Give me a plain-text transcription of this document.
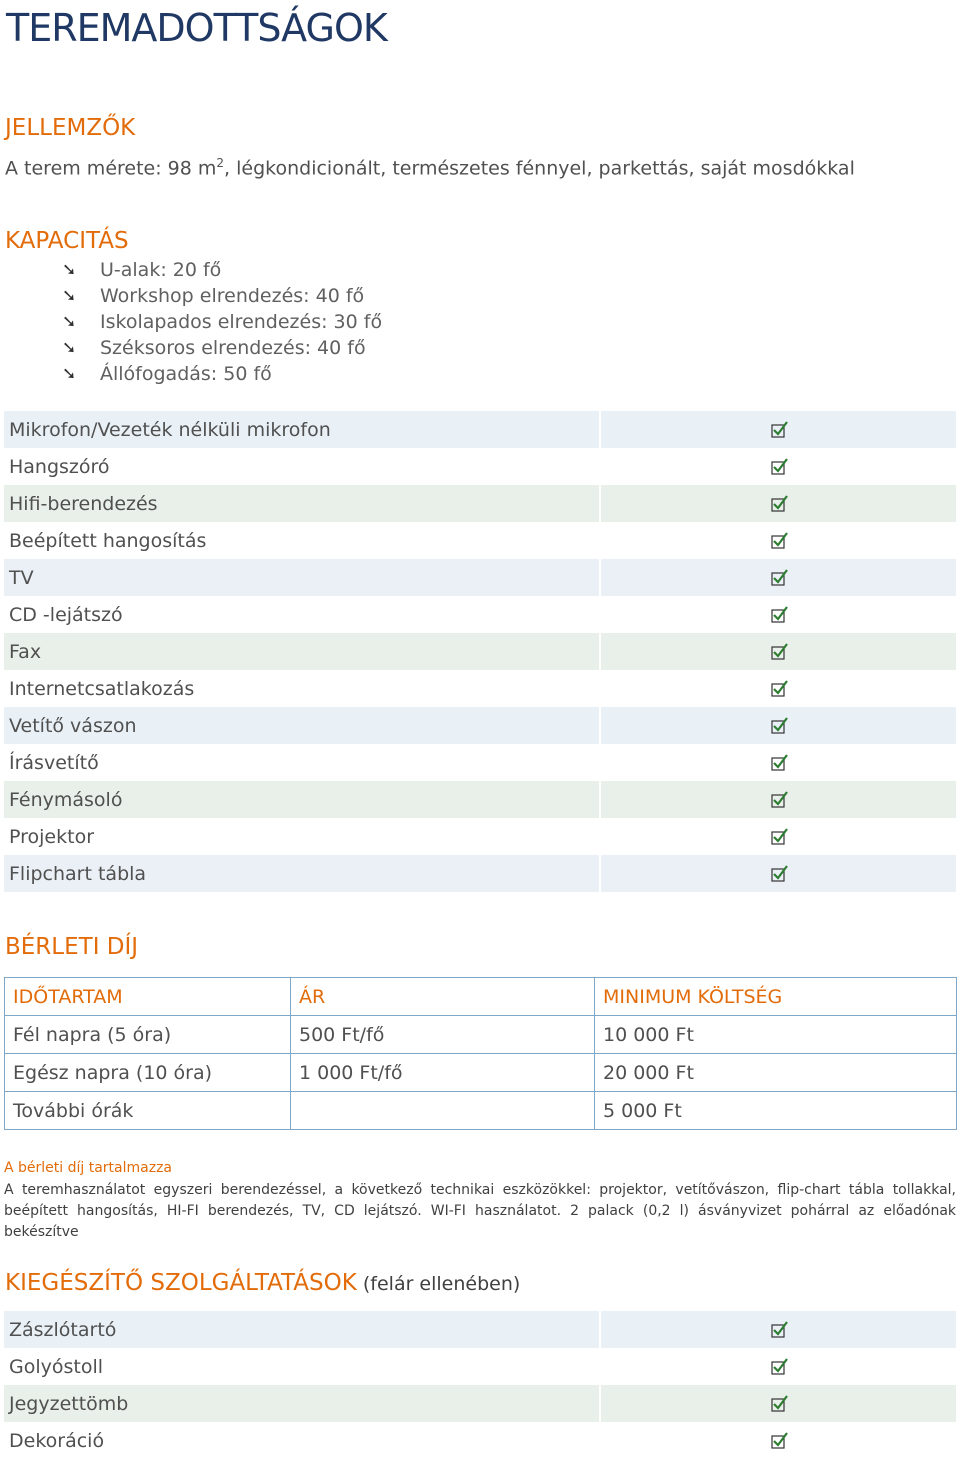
TEREMADOTTSÁGOK
JELLEMZŐK
A terem mérete: 98 $m^2$, légkondicionált, természetes fénnyel, parkettás, saját mosdókkal
KAPACITÁS
➘	U-alak: 20 fő
➘	Workshop elrendezés: 40 fő
➘	Iskolapados elrendezés: 30 fő
➘	Széksoros elrendezés: 40 fő
➘	Állófogadás: 50 fő
Mikrofon/Vezeték nélküli mikrofon	
Hangszóró	
Hifi-berendezés	
Beépített hangosítás	
TV	
CD -lejátszó	
Fax	
Internetcsatlakozás	
Vetítő vászon	
Írásvetítő	
Fénymásoló	
Projektor	
Flipchart tábla	
BÉRLETI DÍJ
IDŐTARTAM	ÁR	MINIMUM KÖLTSÉG
Fél napra (5 óra)	500 Ft/fő	10 000 Ft
Egész napra (10 óra)	1 000 Ft/fő	20 000 Ft
További órák		5 000 Ft
A bérleti díj tartalmazza
A teremhasználatot egyszeri berendezéssel, a következő technikai eszközökkel: projektor, vetítővászon, flip-chart tábla tollakkal, beépített hangosítás, HI-FI berendezés, TV, CD lejátszó. WI-FI használatot. 2 palack (0,2 l) ásványvizet pohárral az előadónak bekészítve
KIEGÉSZÍTŐ SZOLGÁLTATÁSOK (felár ellenében)
Zászlótartó	
Golyóstoll	
Jegyzettömb	
Dekoráció	
